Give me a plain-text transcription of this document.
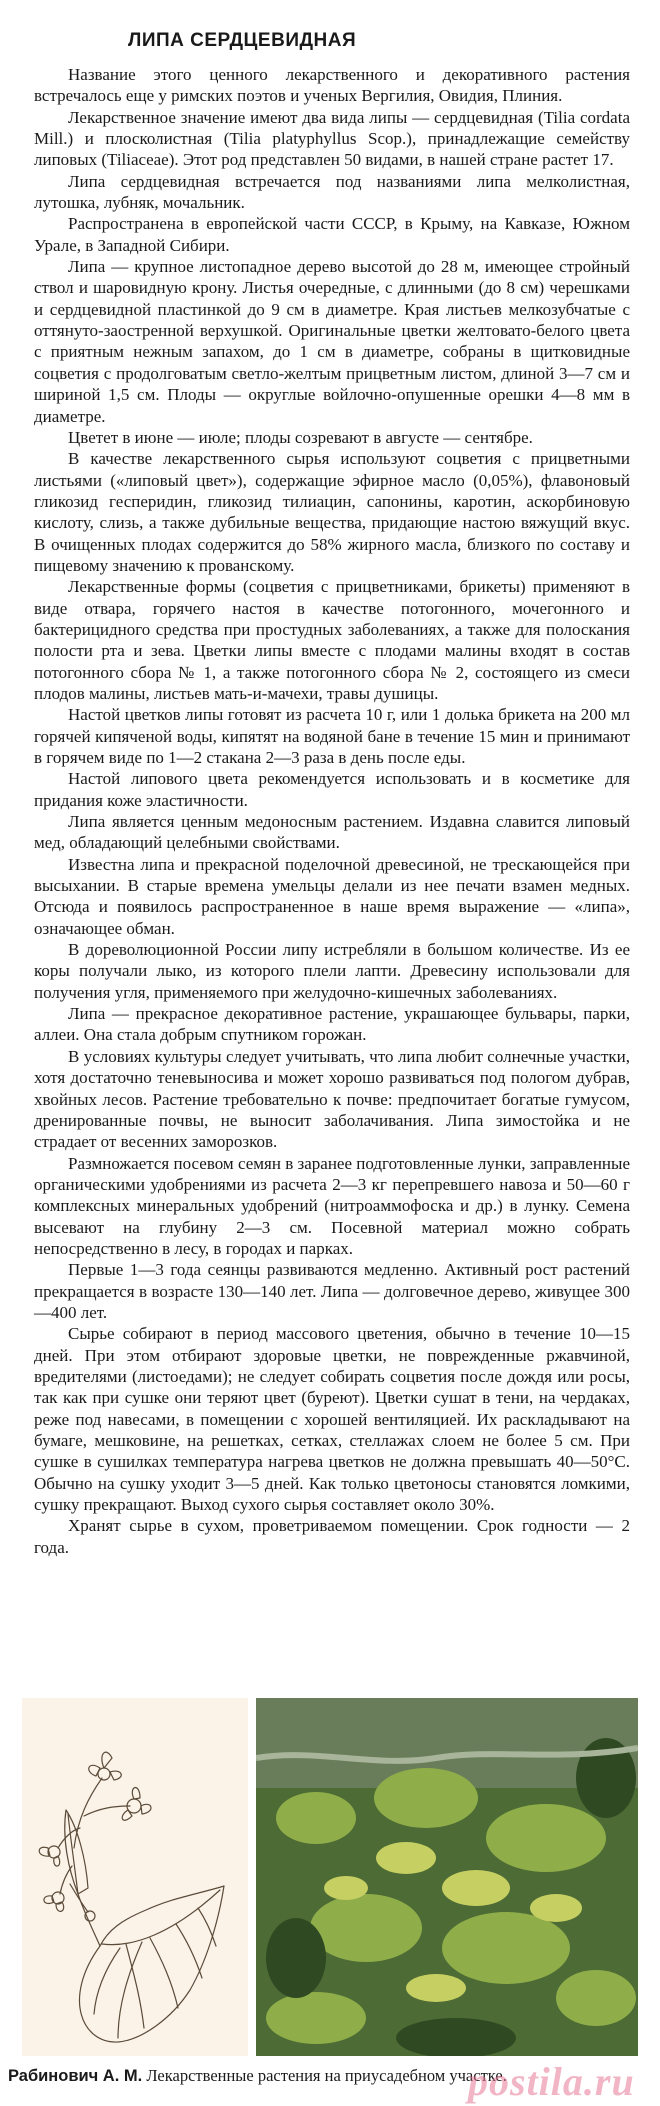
ЛИПА СЕРДЦЕВИДНАЯ

Название этого ценного лекарственного и декоративного растения встречалось еще у римских поэтов и ученых Вергилия, Овидия, Плиния.

Лекарственное значение имеют два вида липы — сердцевидная (Tilia cordata Mill.) и плосколистная (Tilia platyphyllus Scop.), принадлежащие семейству липовых (Tiliaceae). Этот род представлен 50 видами, в нашей стране растет 17.

Липа сердцевидная встречается под названиями липа мелколистная, лутошка, лубняк, мочальник.

Распространена в европейской части СССР, в Крыму, на Кавказе, Южном Урале, в Западной Сибири.

Липа — крупное листопадное дерево высотой до 28 м, имеющее стройный ствол и шаровидную крону. Листья очередные, с длинными (до 8 см) черешками и сердцевидной пластинкой до 9 см в диаметре. Края листьев мелкозубчатые с оттянуто-заостренной верхушкой. Оригинальные цветки желтовато-белого цвета с приятным нежным запахом, до 1 см в диаметре, собраны в щитковидные соцветия с продолговатым светло-желтым прицветным листом, длиной 3—7 см и шириной 1,5 см. Плоды — округлые войлочно-опушенные орешки 4—8 мм в диаметре.

Цветет в июне — июле; плоды созревают в августе — сентябре.

В качестве лекарственного сырья используют соцветия с прицветными листьями («липовый цвет»), содержащие эфирное масло (0,05%), флавоновый гликозид гесперидин, гликозид тилиацин, сапонины, каротин, аскорбиновую кислоту, слизь, а также дубильные вещества, придающие настою вяжущий вкус. В очищенных плодах содержится до 58% жирного масла, близкого по составу и пищевому значению к прованскому.

Лекарственные формы (соцветия с прицветниками, брикеты) применяют в виде отвара, горячего настоя в качестве потогонного, мочегонного и бактерицидного средства при простудных заболеваниях, а также для полоскания полости рта и зева. Цветки липы вместе с плодами малины входят в состав потогонного сбора № 1, а также потогонного сбора № 2, состоящего из смеси плодов малины, листьев мать-и-мачехи, травы душицы.

Настой цветков липы готовят из расчета 10 г, или 1 долька брикета на 200 мл горячей кипяченой воды, кипятят на водяной бане в течение 15 мин и принимают в горячем виде по 1—2 стакана 2—3 раза в день после еды.

Настой липового цвета рекомендуется использовать и в косметике для придания коже эластичности.

Липа является ценным медоносным растением. Издавна славится липовый мед, обладающий целебными свойствами.

Известна липа и прекрасной поделочной древесиной, не трескающейся при высыхании. В старые времена умельцы делали из нее печати взамен медных. Отсюда и появилось распространенное в наше время выражение — «липа», означающее обман.

В дореволюционной России липу истребляли в большом количестве. Из ее коры получали лыко, из которого плели лапти. Древесину использовали для получения угля, применяемого при желудочно-кишечных заболеваниях.

Липа — прекрасное декоративное растение, украшающее бульвары, парки, аллеи. Она стала добрым спутником горожан.

В условиях культуры следует учитывать, что липа любит солнечные участки, хотя достаточно теневыносива и может хорошо развиваться под пологом дубрав, хвойных лесов. Растение требовательно к почве: предпочитает богатые гумусом, дренированные почвы, не выносит заболачивания. Липа зимостойка и не страдает от весенних заморозков.

Размножается посевом семян в заранее подготовленные лунки, заправленные органическими удобрениями из расчета 2—3 кг перепревшего навоза и 50—60 г комплексных минеральных удобрений (нитроаммофоска и др.) в лунку. Семена высевают на глубину 2—3 см. Посевной материал можно собрать непосредственно в лесу, в городах и парках.

Первые 1—3 года сеянцы развиваются медленно. Активный рост растений прекращается в возрасте 130—140 лет. Липа — долговечное дерево, живущее 300—400 лет.

Сырье собирают в период массового цветения, обычно в течение 10—15 дней. При этом отбирают здоровые цветки, не поврежденные ржавчиной, вредителями (листоедами); не следует собирать соцветия после дождя или росы, так как при сушке они теряют цвет (буреют). Цветки сушат в тени, на чердаках, реже под навесами, в помещении с хорошей вентиляцией. Их раскладывают на бумаге, мешковине, на решетках, сетках, стеллажах слоем не более 5 см. При сушке в сушилках температура нагрева цветков не должна превышать 40—50°C. Обычно на сушку уходит 3—5 дней. Как только цветоносы становятся ломкими, сушку прекращают. Выход сухого сырья составляет около 30%.

Хранят сырье в сухом, проветриваемом помещении. Срок годности — 2 года.

Рабинович А. М. Лекарственные растения на приусадебном участке.
postila.ru
